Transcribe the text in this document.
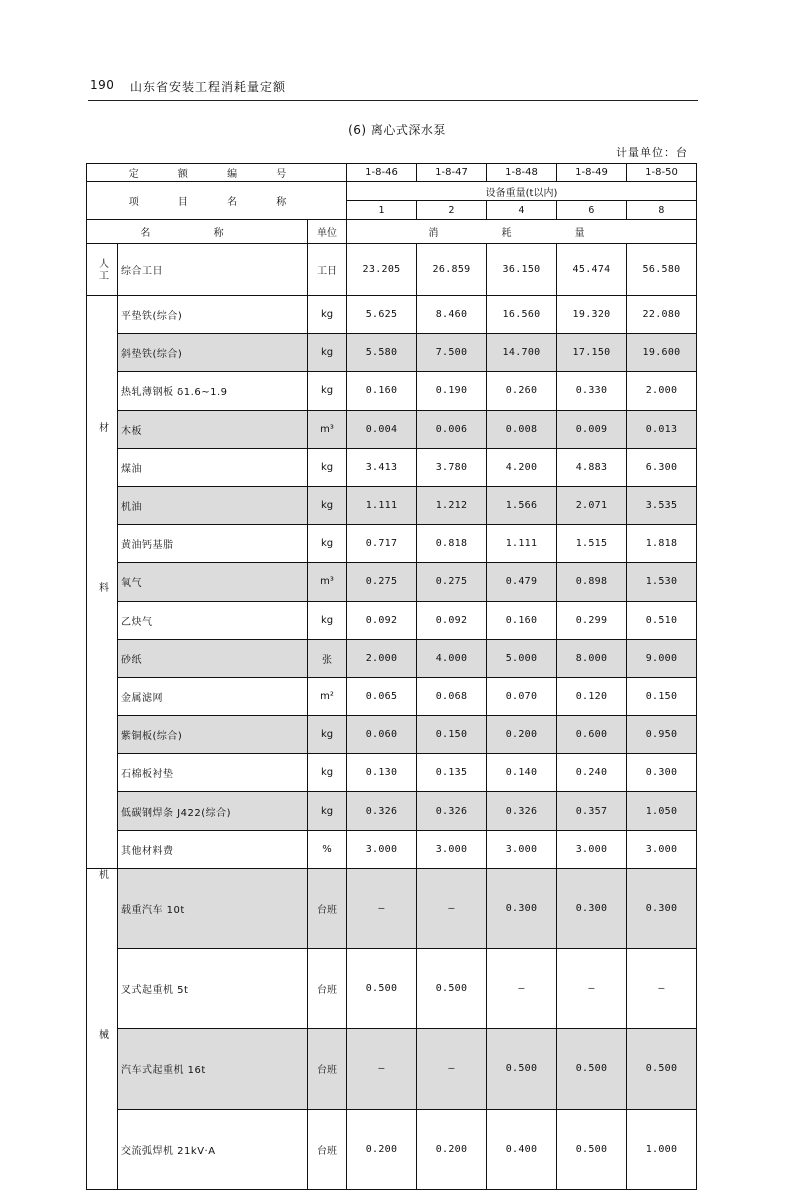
190 山东省安装工程消耗量定额
(6) 离心式深水泵
计量单位：台
定 额 编 号			1-8-46	1-8-47	1-8-48	1-8-49	1-8-50
项 目 名 称			设备重量(t以内)				
			1	2	4	6	8
名 称		单位	消 耗 量				

人工	综合工日	工日	23.205	26.859	36.150	45.474	56.580

材料	平垫铁(综合)	kg	5.625	8.460	16.560	19.320	22.080
	斜垫铁(综合)	kg	5.580	7.500	14.700	17.150	19.600
	热轧薄钢板 δ1.6~1.9	kg	0.160	0.190	0.260	0.330	2.000
	木板	m³	0.004	0.006	0.008	0.009	0.013
	煤油	kg	3.413	3.780	4.200	4.883	6.300
	机油	kg	1.111	1.212	1.566	2.071	3.535
	黄油钙基脂	kg	0.717	0.818	1.111	1.515	1.818
	氧气	m³	0.275	0.275	0.479	0.898	1.530
	乙炔气	kg	0.092	0.092	0.160	0.299	0.510
	砂纸	张	2.000	4.000	5.000	8.000	9.000
	金属滤网	m²	0.065	0.068	0.070	0.120	0.150
	紫铜板(综合)	kg	0.060	0.150	0.200	0.600	0.950
	石棉板衬垫	kg	0.130	0.135	0.140	0.240	0.300
	低碳钢焊条 J422(综合)	kg	0.326	0.326	0.326	0.357	1.050
	其他材料费	%	3.000	3.000	3.000	3.000	3.000

机械	载重汽车 10t	台班	—	—	0.300	0.300	0.300
	叉式起重机 5t	台班	0.500	0.500	—	—	—
	汽车式起重机 16t	台班	—	—	0.500	0.500	0.500
	交流弧焊机 21kV·A	台班	0.200	0.200	0.400	0.500	1.000
